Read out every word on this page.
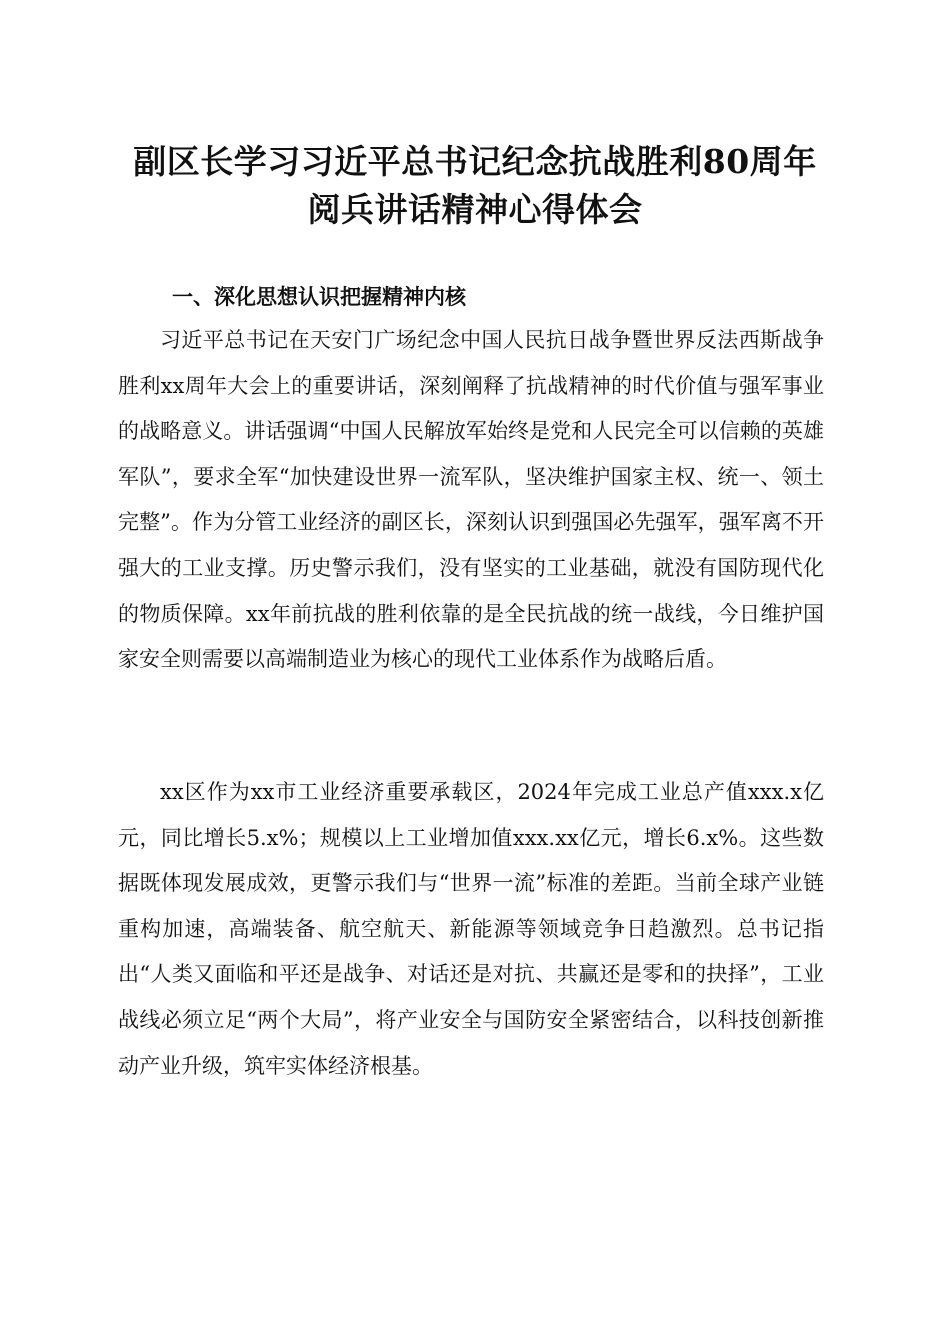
副区长学习习近平总书记纪念抗战胜利80周年阅兵讲话精神心得体会
一、深化思想认识把握精神内核

习近平总书记在天安门广场纪念中国人民抗日战争暨世界反法西斯战争胜利xx周年大会上的重要讲话，深刻阐释了抗战精神的时代价值与强军事业的战略意义。讲话强调“中国人民解放军始终是党和人民完全可以信赖的英雄军队”，要求全军“加快建设世界一流军队，坚决维护国家主权、统一、领土完整”。作为分管工业经济的副区长，深刻认识到强国必先强军，强军离不开强大的工业支撑。历史警示我们，没有坚实的工业基础，就没有国防现代化的物质保障。xx年前抗战的胜利依靠的是全民抗战的统一战线，今日维护国家安全则需要以高端制造业为核心的现代工业体系作为战略后盾。

xx区作为xx市工业经济重要承载区，2024年完成工业总产值xxx.x亿元，同比增长5.x%；规模以上工业增加值xxx.xx亿元，增长6.x%。这些数据既体现发展成效，更警示我们与“世界一流”标准的差距。当前全球产业链重构加速，高端装备、航空航天、新能源等领域竞争日趋激烈。总书记指出“人类又面临和平还是战争、对话还是对抗、共赢还是零和的抉择”，工业战线必须立足“两个大局”，将产业安全与国防安全紧密结合，以科技创新推动产业升级，筑牢实体经济根基。
